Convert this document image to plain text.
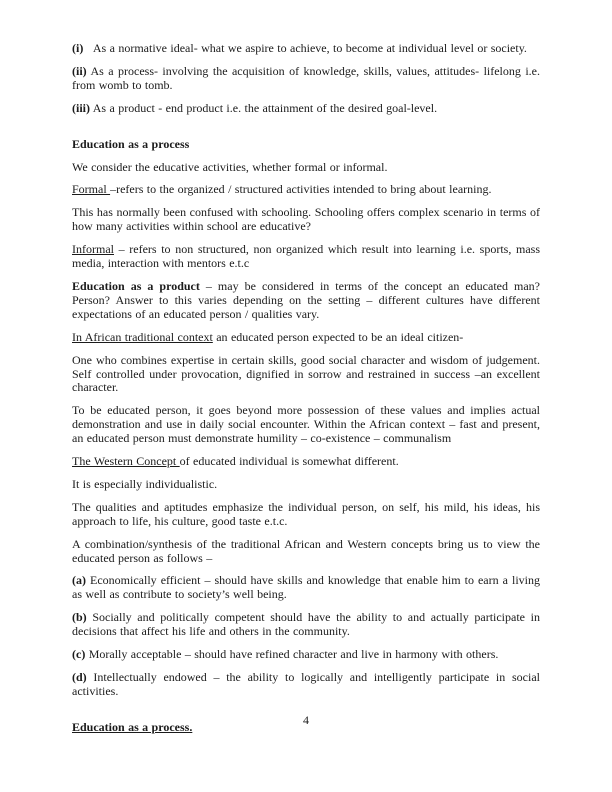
(i)   As a normative ideal- what we aspire to achieve, to become at individual level or society.

(ii) As a process- involving the acquisition of knowledge, skills, values, attitudes- lifelong i.e. from womb to tomb.

(iii) As a product - end product i.e. the attainment of the desired goal-level.

Education as a process

We consider the educative activities, whether formal or informal.

Formal –refers to the organized / structured activities intended to bring about learning.

This has normally been confused with schooling. Schooling offers complex scenario in terms of how many activities within school are educative?

Informal – refers to non structured, non organized which result into learning i.e. sports, mass media, interaction with mentors e.t.c

Education as a product – may be considered in terms of the concept an educated man? Person? Answer to this varies depending on the setting – different cultures have different expectations of an educated person / qualities vary.

In African traditional context an educated person expected to be an ideal citizen-

One who combines expertise in certain skills, good social character and wisdom of judgement. Self controlled under provocation, dignified in sorrow and restrained in success –an excellent character.

To be educated person, it goes beyond more possession of these values and implies actual demonstration and use in daily social encounter. Within the African context – fast and present, an educated person must demonstrate humility – co-existence – communalism

The Western Concept of educated individual is somewhat different.

It is especially individualistic.

The qualities and aptitudes emphasize the individual person, on self, his mild, his ideas, his approach to life, his culture, good taste e.t.c.

A combination/synthesis of the traditional African and Western concepts bring us to view the educated person as follows –

(a) Economically efficient – should have skills and knowledge that enable him to earn a living as well as contribute to society’s well being.

(b) Socially and politically competent should have the ability to and actually participate in decisions that affect his life and others in the community.

(c) Morally acceptable – should have refined character and live in harmony with others.

(d) Intellectually endowed – the ability to logically and intelligently participate in social activities.

Education as a process.	4
